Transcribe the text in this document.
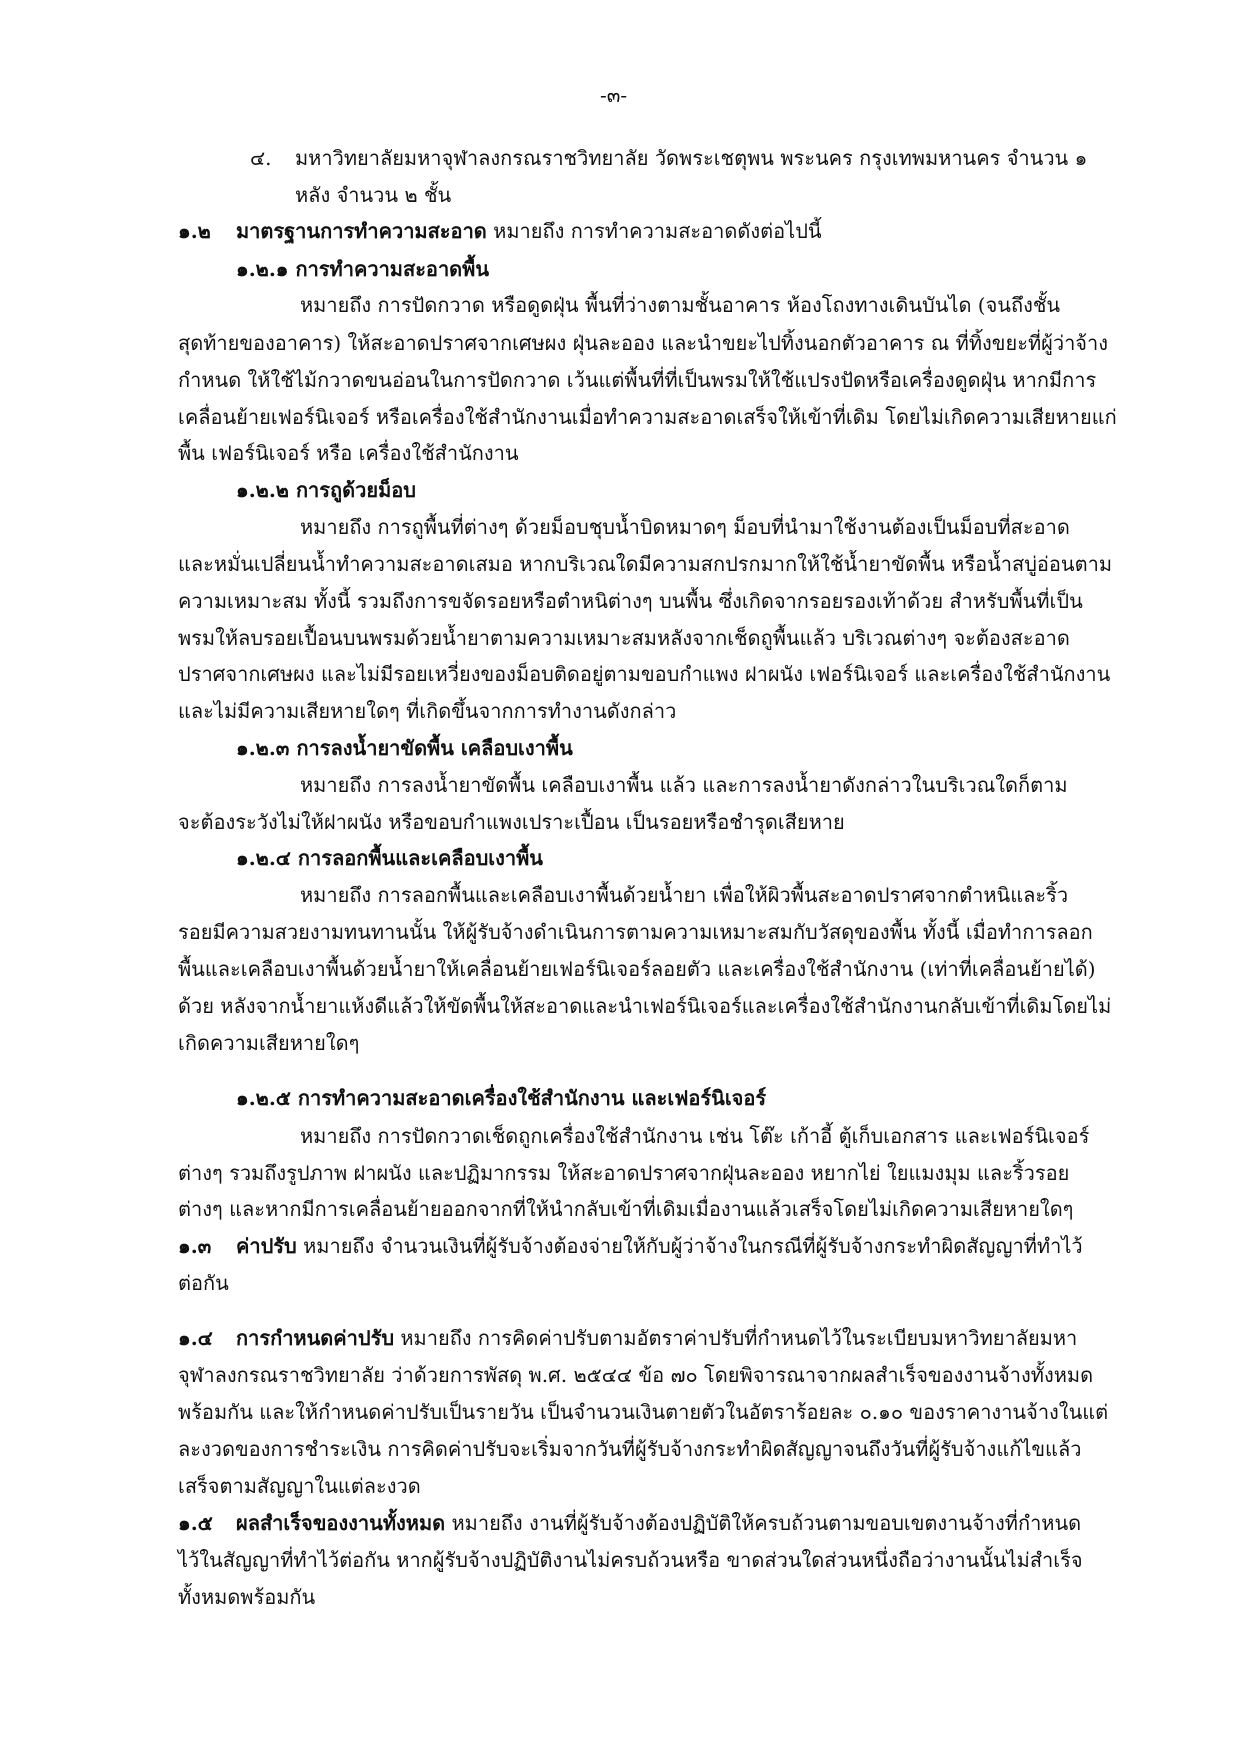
-๓-
๔. มหาวิทยาลัยมหาจุฬาลงกรณราชวิทยาลัย วัดพระเชตุพน พระนคร กรุงเทพมหานคร จำนวน ๑
หลัง จำนวน ๒ ชั้น
๑.๒ มาตรฐานการทำความสะอาด หมายถึง การทำความสะอาดดังต่อไปนี้
๑.๒.๑ การทำความสะอาดพื้น
หมายถึง การปัดกวาด หรือดูดฝุ่น พื้นที่ว่างตามชั้นอาคาร ห้องโถงทางเดินบันได (จนถึงชั้น
สุดท้ายของอาคาร) ให้สะอาดปราศจากเศษผง ฝุ่นละออง และนำขยะไปทิ้งนอกตัวอาคาร ณ ที่ทิ้งขยะที่ผู้ว่าจ้าง
กำหนด ให้ใช้ไม้กวาดขนอ่อนในการปัดกวาด เว้นแต่พื้นที่ที่เป็นพรมให้ใช้แปรงปัดหรือเครื่องดูดฝุ่น หากมีการ
เคลื่อนย้ายเฟอร์นิเจอร์ หรือเครื่องใช้สำนักงานเมื่อทำความสะอาดเสร็จให้เข้าที่เดิม โดยไม่เกิดความเสียหายแก่
พื้น เฟอร์นิเจอร์ หรือ เครื่องใช้สำนักงาน
๑.๒.๒ การถูด้วยม็อบ
หมายถึง การถูพื้นที่ต่างๆ ด้วยม็อบชุบน้ำบิดหมาดๆ ม็อบที่นำมาใช้งานต้องเป็นม็อบที่สะอาด
และหมั่นเปลี่ยนน้ำทำความสะอาดเสมอ หากบริเวณใดมีความสกปรกมากให้ใช้น้ำยาขัดพื้น หรือน้ำสบู่อ่อนตาม
ความเหมาะสม ทั้งนี้ รวมถึงการขจัดรอยหรือตำหนิต่างๆ บนพื้น ซึ่งเกิดจากรอยรองเท้าด้วย สำหรับพื้นที่เป็น
พรมให้ลบรอยเปื้อนบนพรมด้วยน้ำยาตามความเหมาะสมหลังจากเช็ดถูพื้นแล้ว บริเวณต่างๆ จะต้องสะอาด
ปราศจากเศษผง และไม่มีรอยเหวี่ยงของม็อบติดอยู่ตามขอบกำแพง ฝาผนัง เฟอร์นิเจอร์ และเครื่องใช้สำนักงาน
และไม่มีความเสียหายใดๆ ที่เกิดขึ้นจากการทำงานดังกล่าว
๑.๒.๓ การลงน้ำยาขัดพื้น เคลือบเงาพื้น
หมายถึง การลงน้ำยาขัดพื้น เคลือบเงาพื้น แล้ว และการลงน้ำยาดังกล่าวในบริเวณใดก็ตาม
จะต้องระวังไม่ให้ฝาผนัง หรือขอบกำแพงเปราะเปื้อน เป็นรอยหรือชำรุดเสียหาย
๑.๒.๔ การลอกพื้นและเคลือบเงาพื้น
หมายถึง การลอกพื้นและเคลือบเงาพื้นด้วยน้ำยา เพื่อให้ผิวพื้นสะอาดปราศจากตำหนิและริ้ว
รอยมีความสวยงามทนทานนั้น ให้ผู้รับจ้างดำเนินการตามความเหมาะสมกับวัสดุของพื้น ทั้งนี้ เมื่อทำการลอก
พื้นและเคลือบเงาพื้นด้วยน้ำยาให้เคลื่อนย้ายเฟอร์นิเจอร์ลอยตัว และเครื่องใช้สำนักงาน (เท่าที่เคลื่อนย้ายได้)
ด้วย หลังจากน้ำยาแห้งดีแล้วให้ขัดพื้นให้สะอาดและนำเฟอร์นิเจอร์และเครื่องใช้สำนักงานกลับเข้าที่เดิมโดยไม่
เกิดความเสียหายใดๆ
๑.๒.๕ การทำความสะอาดเครื่องใช้สำนักงาน และเฟอร์นิเจอร์
หมายถึง การปัดกวาดเช็ดถูกเครื่องใช้สำนักงาน เช่น โต๊ะ เก้าอี้ ตู้เก็บเอกสาร และเฟอร์นิเจอร์
ต่างๆ รวมถึงรูปภาพ ฝาผนัง และปฏิมากรรม ให้สะอาดปราศจากฝุ่นละออง หยากไย่ ใยแมงมุม และริ้วรอย
ต่างๆ และหากมีการเคลื่อนย้ายออกจากที่ให้นำกลับเข้าที่เดิมเมื่องานแล้วเสร็จโดยไม่เกิดความเสียหายใดๆ
๑.๓ ค่าปรับ หมายถึง จำนวนเงินที่ผู้รับจ้างต้องจ่ายให้กับผู้ว่าจ้างในกรณีที่ผู้รับจ้างกระทำผิดสัญญาที่ทำไว้
ต่อกัน
๑.๔ การกำหนดค่าปรับ หมายถึง การคิดค่าปรับตามอัตราค่าปรับที่กำหนดไว้ในระเบียบมหาวิทยาลัยมหา
จุฬาลงกรณราชวิทยาลัย ว่าด้วยการพัสดุ พ.ศ. ๒๕๔๔ ข้อ ๗๐ โดยพิจารณาจากผลสำเร็จของงานจ้างทั้งหมด
พร้อมกัน และให้กำหนดค่าปรับเป็นรายวัน เป็นจำนวนเงินตายตัวในอัตราร้อยละ ๐.๑๐ ของราคางานจ้างในแต่
ละงวดของการชำระเงิน การคิดค่าปรับจะเริ่มจากวันที่ผู้รับจ้างกระทำผิดสัญญาจนถึงวันที่ผู้รับจ้างแก้ไขแล้ว
เสร็จตามสัญญาในแต่ละงวด
๑.๕ ผลสำเร็จของงานทั้งหมด หมายถึง งานที่ผู้รับจ้างต้องปฏิบัติให้ครบถ้วนตามขอบเขตงานจ้างที่กำหนด
ไว้ในสัญญาที่ทำไว้ต่อกัน หากผู้รับจ้างปฏิบัติงานไม่ครบถ้วนหรือ ขาดส่วนใดส่วนหนึ่งถือว่างานนั้นไม่สำเร็จ
ทั้งหมดพร้อมกัน
